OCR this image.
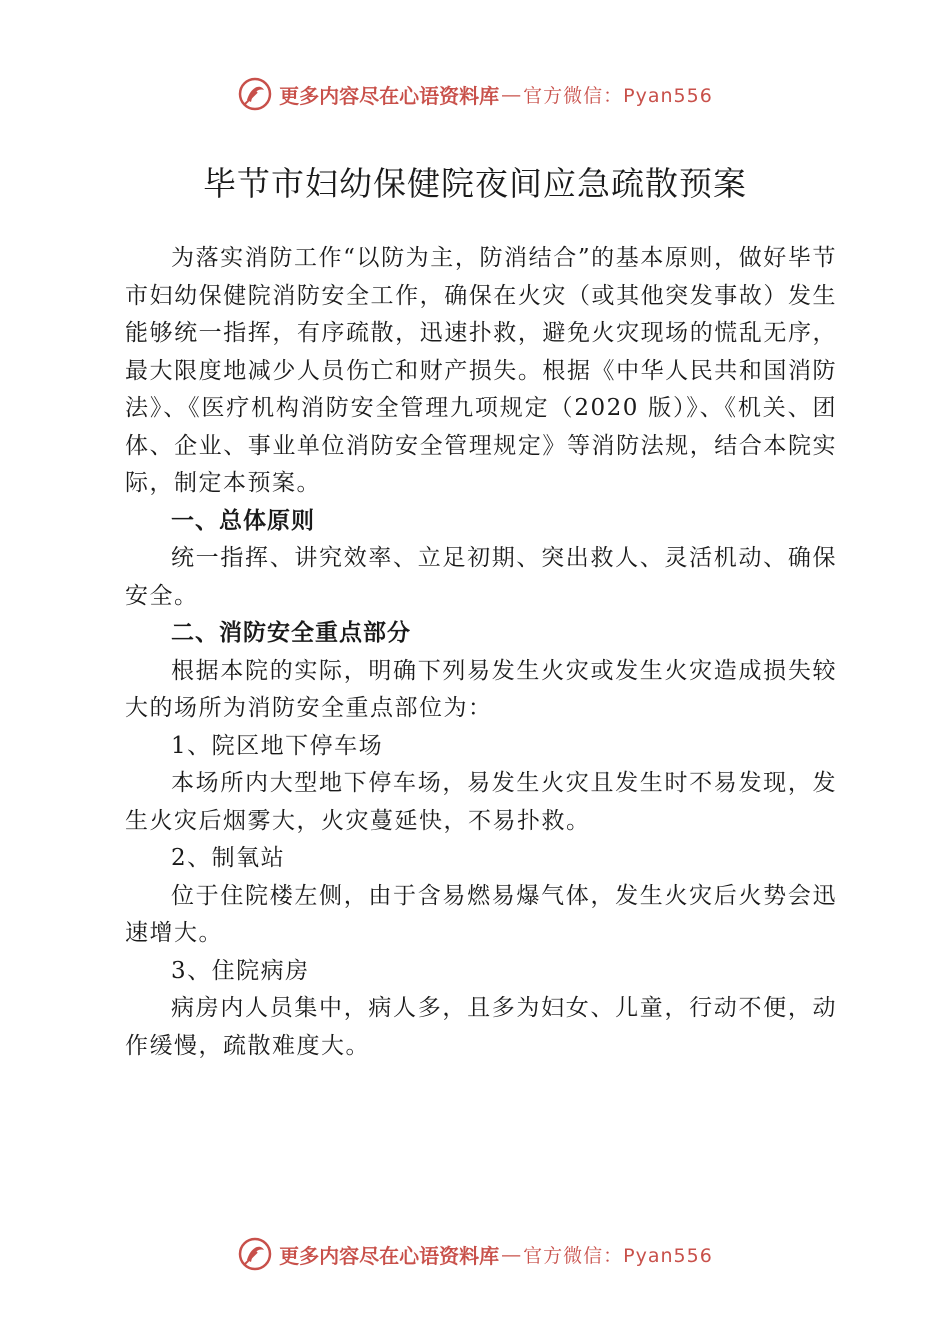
更多内容尽在心语资料库 — 官方微信：Pyan556
毕节市妇幼保健院夜间应急疏散预案

为落实消防工作“以防为主，防消结合”的基本原则，做好毕节市妇幼保健院消防安全工作，确保在火灾（或其他突发事故）发生能够统一指挥，有序疏散，迅速扑救，避免火灾现场的慌乱无序，最大限度地减少人员伤亡和财产损失。根据《中华人民共和国消防法》、《医疗机构消防安全管理九项规定（2020 版）》、《机关、团体、企业、事业单位消防安全管理规定》等消防法规，结合本院实际，制定本预案。

一、总体原则

统一指挥、讲究效率、立足初期、突出救人、灵活机动、确保安全。

二、消防安全重点部分

根据本院的实际，明确下列易发生火灾或发生火灾造成损失较大的场所为消防安全重点部位为：

1、院区地下停车场

本场所内大型地下停车场，易发生火灾且发生时不易发现，发生火灾后烟雾大，火灾蔓延快，不易扑救。

2、制氧站

位于住院楼左侧，由于含易燃易爆气体，发生火灾后火势会迅速增大。

3、住院病房

病房内人员集中，病人多，且多为妇女、儿童，行动不便，动作缓慢，疏散难度大。

更多内容尽在心语资料库 — 官方微信：Pyan556
